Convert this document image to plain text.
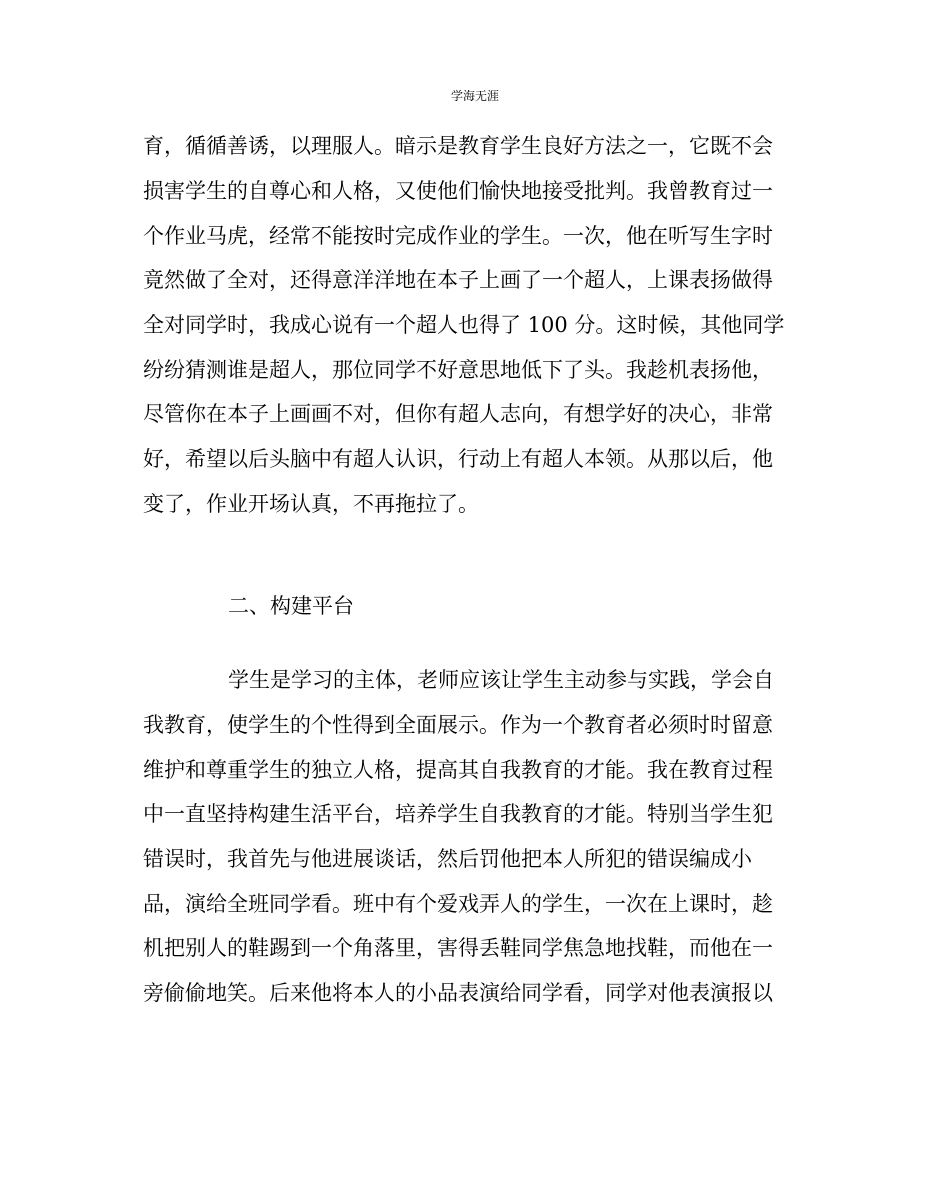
学海无涯
育，循循善诱，以理服人。暗示是教育学生良好方法之一，它既不会
损害学生的自尊心和人格，又使他们愉快地接受批判。我曾教育过一
个作业马虎，经常不能按时完成作业的学生。一次，他在听写生字时
竟然做了全对，还得意洋洋地在本子上画了一个超人，上课表扬做得
全对同学时，我成心说有一个超人也得了 100 分。这时候，其他同学
纷纷猜测谁是超人，那位同学不好意思地低下了头。我趁机表扬他，
尽管你在本子上画画不对，但你有超人志向，有想学好的决心，非常
好，希望以后头脑中有超人认识，行动上有超人本领。从那以后，他
变了，作业开场认真，不再拖拉了。
二、构建平台
学生是学习的主体，老师应该让学生主动参与实践，学会自
我教育，使学生的个性得到全面展示。作为一个教育者必须时时留意
维护和尊重学生的独立人格，提高其自我教育的才能。我在教育过程
中一直坚持构建生活平台，培养学生自我教育的才能。特别当学生犯
错误时，我首先与他进展谈话，然后罚他把本人所犯的错误编成小
品，演给全班同学看。班中有个爱戏弄人的学生，一次在上课时，趁
机把别人的鞋踢到一个角落里，害得丢鞋同学焦急地找鞋，而他在一
旁偷偷地笑。后来他将本人的小品表演给同学看，同学对他表演报以
